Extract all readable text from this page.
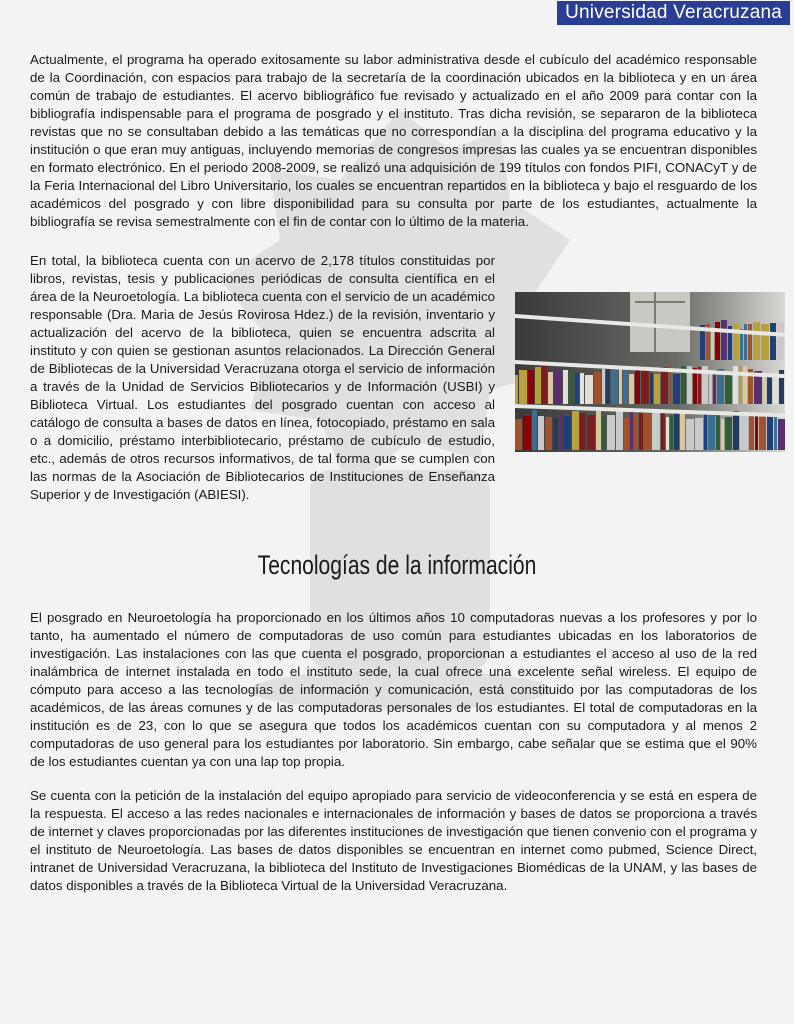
Universidad Veracruzana

Actualmente, el programa ha operado exitosamente su labor administrativa desde el cubículo del académico responsable de la Coordinación, con espacios para trabajo de la secretaría de la coordinación ubicados en la biblioteca y en un área común de trabajo de estudiantes. El acervo bibliográfico fue revisado y actualizado en el año 2009 para contar con la bibliografía indispensable para el programa de posgrado y el instituto. Tras dicha revisión, se separaron de la biblioteca revistas que no se consultaban debido a las temáticas que no correspondían a la disciplina del programa educativo y la institución o que eran muy antiguas, incluyendo memorias de congresos impresas las cuales ya se encuentran disponibles en formato electrónico. En el periodo 2008-2009, se realizó una adquisición de 199 títulos con fondos PIFI, CONACyT y de la Feria Internacional del Libro Universitario, los cuales se encuentran repartidos en la biblioteca y bajo el resguardo de los académicos del posgrado y con libre disponibilidad para su consulta por parte de los estudiantes, actualmente la bibliografía se revisa semestralmente con el fin de contar con lo último de la materia.

En total, la biblioteca cuenta con un acervo de 2,178 títulos constituidas por libros, revistas, tesis y publicaciones periódicas de consulta científica en el área de la Neuroetología. La biblioteca cuenta con el servicio de un académico responsable (Dra. Maria de Jesús Rovirosa Hdez.) de la revisión, inventario y actualización del acervo de la biblioteca, quien se encuentra adscrita al instituto y con quien se gestionan asuntos relacionados. La Dirección General de Bibliotecas de la Universidad Veracruzana otorga el servicio de información a través de la Unidad de Servicios Bibliotecarios y de Información (USBI) y Biblioteca Virtual. Los estudiantes del posgrado cuentan con acceso al catálogo de consulta a bases de datos en línea, fotocopiado, préstamo en sala o a domicilio, préstamo interbibliotecario, préstamo de cubículo de estudio, etc., además de otros recursos informativos, de tal forma que se cumplen con las normas de la Asociación de Bibliotecarios de Instituciones de Enseñanza Superior y de Investigación (ABIESI).

Tecnologías de la información

El posgrado en Neuroetología ha proporcionado en los últimos años 10 computadoras nuevas a los profesores y por lo tanto, ha aumentado el número de computadoras de uso común para estudiantes ubicadas en los laboratorios de investigación. Las instalaciones con las que cuenta el posgrado, proporcionan a estudiantes el acceso al uso de la red inalámbrica de internet instalada en todo el instituto sede, la cual ofrece una excelente señal wireless. El equipo de cómputo para acceso a las tecnologías de información y comunicación, está constituido por las computadoras de los académicos, de las áreas comunes y de las computadoras personales de los estudiantes. El total de computadoras en la institución es de 23, con lo que se asegura que todos los académicos cuentan con su computadora y al menos 2 computadoras de uso general para los estudiantes por laboratorio. Sin embargo, cabe señalar que se estima que el 90% de los estudiantes cuentan ya con una lap top propia.

Se cuenta con la petición de la instalación del equipo apropiado para servicio de videoconferencia y se está en espera de la respuesta. El acceso a las redes nacionales e internacionales de información y bases de datos se proporciona a través de internet y claves proporcionadas por las diferentes instituciones de investigación que tienen convenio con el programa y el instituto de Neuroetología. Las bases de datos disponibles se encuentran en internet como pubmed, Science Direct, intranet de Universidad Veracruzana, la biblioteca del Instituto de Investigaciones Biomédicas de la UNAM, y las bases de datos disponibles a través de la Biblioteca Virtual de la Universidad Veracruzana.
